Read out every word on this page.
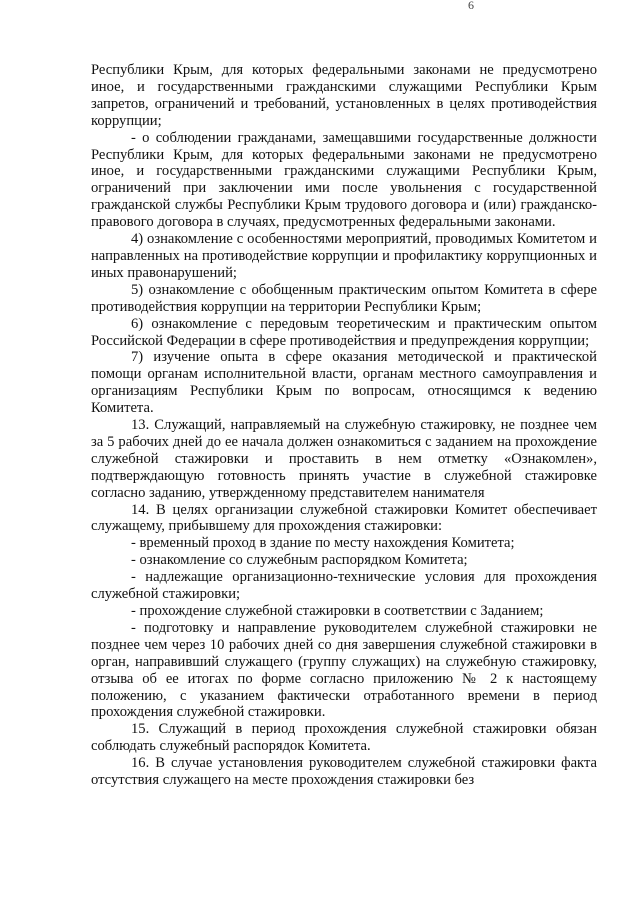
6

Республики Крым, для которых федеральными законами не предусмотрено иное, и государственными гражданскими служащими Республики Крым запретов, ограничений и требований, установленных в целях противодействия коррупции;

- о соблюдении гражданами, замещавшими государственные должности Республики Крым, для которых федеральными законами не предусмотрено иное, и государственными гражданскими служащими Республики Крым, ограничений при заключении ими после увольнения с государственной гражданской службы Республики Крым трудового договора и (или) гражданско-правового договора в случаях, предусмотренных федеральными законами.

4) ознакомление с особенностями мероприятий, проводимых Комитетом и направленных на противодействие коррупции и профилактику коррупционных и иных правонарушений;

5) ознакомление с обобщенным практическим опытом Комитета в сфере противодействия коррупции на территории Республики Крым;

6) ознакомление с передовым теоретическим и практическим опытом Российской Федерации в сфере противодействия и предупреждения коррупции;

7) изучение опыта в сфере оказания методической и практической помощи органам исполнительной власти, органам местного самоуправления и организациям Республики Крым по вопросам, относящимся к ведению Комитета.

13. Служащий, направляемый на служебную стажировку, не позднее чем за 5 рабочих дней до ее начала должен ознакомиться с заданием на прохождение служебной стажировки и проставить в нем отметку «Ознакомлен», подтверждающую готовность принять участие в служебной стажировке согласно заданию, утвержденному представителем нанимателя

14. В целях организации служебной стажировки Комитет обеспечивает служащему, прибывшему для прохождения стажировки:

- временный проход в здание по месту нахождения Комитета;

- ознакомление со служебным распорядком Комитета;

- надлежащие организационно-технические условия для прохождения служебной стажировки;

- прохождение служебной стажировки в соответствии с Заданием;

- подготовку и направление руководителем служебной стажировки не позднее чем через 10 рабочих дней со дня завершения служебной стажировки в орган, направивший служащего (группу служащих) на служебную стажировку, отзыва об ее итогах по форме согласно приложению № 2 к настоящему положению, с указанием фактически отработанного времени в период прохождения служебной стажировки.

15. Служащий в период прохождения служебной стажировки обязан соблюдать служебный распорядок Комитета.

16. В случае установления руководителем служебной стажировки факта отсутствия служащего на месте прохождения стажировки без
